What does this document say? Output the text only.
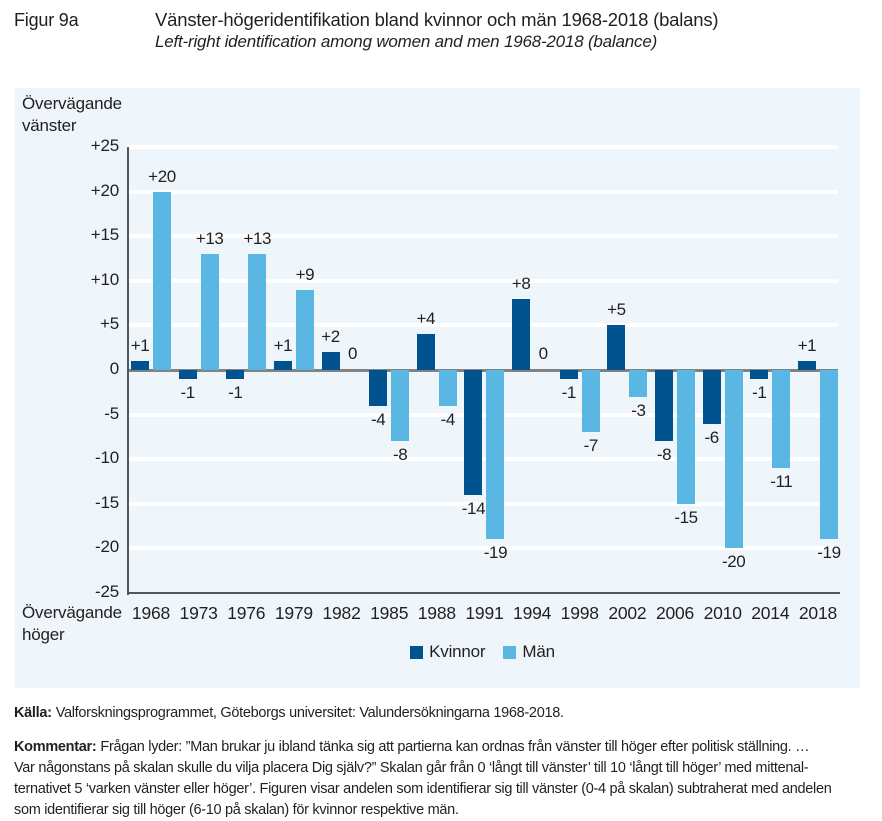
Figur 9a	Vänster-högeridentifikation bland kvinnor och män 1968-2018 (balans)
Left-right identification among women and men 1968-2018 (balance)
Övervägande
vänster
Övervägande
höger
Kvinnor Män
+25
+20
+15
+10
+5
0
-5
-10
-15
-20
-25
1968
+1
+20
1973
-1
+13
1976
-1
+13
1979
+1
+9
1982
+2
0
1985
-4
-8
1988
+4
-4
1991
-14
-19
1994
+8
0
1998
-1
-7
2002
+5
-3
2006
-8
-15
2010
-6
-20
2014
-1
-11
2018
+1
-19
Källa: Valforskningsprogrammet, Göteborgs universitet: Valundersökningarna 1968-2018.
Kommentar: Frågan lyder: ”Man brukar ju ibland tänka sig att partierna kan ordnas från vänster till höger efter politisk ställning. …
Var någonstans på skalan skulle du vilja placera Dig själv?” Skalan går från 0 ‘långt till vänster’ till 10 ‘långt till höger’ med mittenal-
ternativet 5 ‘varken vänster eller höger’. Figuren visar andelen som identifierar sig till vänster (0-4 på skalan) subtraherat med andelen
som identifierar sig till höger (6-10 på skalan) för kvinnor respektive män.
